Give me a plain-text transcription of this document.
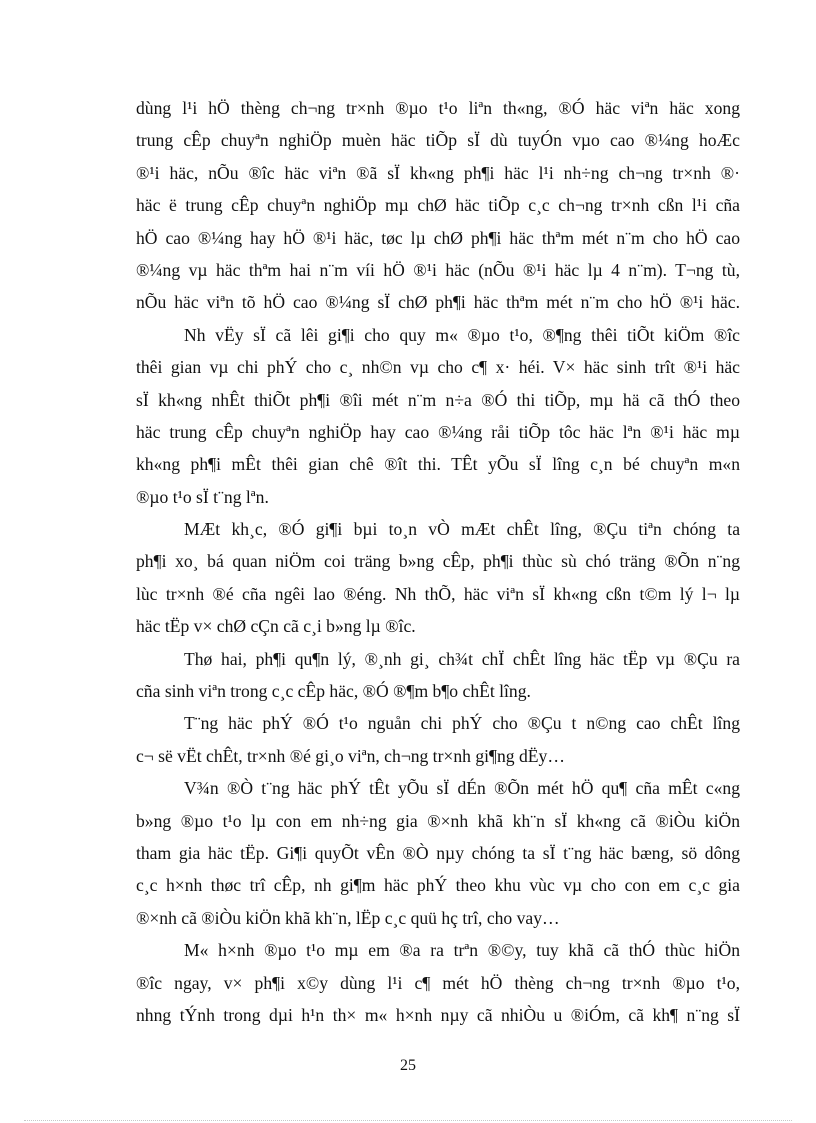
dùng l¹i hÖ thèng ch¬ng tr×nh ®µo t¹o liªn th«ng, ®Ó häc viªn häc xong
trung cÊp chuyªn nghiÖp muèn häc tiÕp sÏ dù tuyÓn vµo cao ®¼ng hoÆc
®¹i häc, nÕu ®îc häc viªn ®ã sÏ kh«ng ph¶i häc l¹i nh÷ng ch¬ng tr×nh ®·
häc ë trung cÊp chuyªn nghiÖp mµ chØ häc tiÕp c¸c ch¬ng tr×nh cßn l¹i cña
hÖ cao ®¼ng hay hÖ ®¹i häc, tøc lµ chØ ph¶i häc thªm mét n¨m cho hÖ cao
®¼ng vµ häc thªm hai n¨m víi hÖ ®¹i häc (nÕu ®¹i häc lµ 4 n¨m). T¬ng tù,
nÕu häc viªn tõ hÖ cao ®¼ng sÏ chØ ph¶i häc thªm mét n¨m cho hÖ ®¹i häc.
Nh vËy sÏ cã lêi gi¶i cho quy m« ®µo t¹o, ®¶ng thêi tiÕt kiÖm ®îc
thêi gian vµ chi phÝ cho c¸ nh©n vµ cho c¶ x· héi. V× häc sinh trît ®¹i häc
sÏ kh«ng nhÊt thiÕt ph¶i ®îi mét n¨m n÷a ®Ó thi tiÕp, mµ hä cã thÓ theo
häc trung cÊp chuyªn nghiÖp hay cao ®¼ng råi tiÕp tôc häc lªn ®¹i häc mµ
kh«ng ph¶i mÊt thêi gian chê ®ît thi. TÊt yÕu sÏ lîng c¸n bé chuyªn m«n
®µo t¹o sÏ t¨ng lªn.
MÆt kh¸c, ®Ó gi¶i bµi to¸n vÒ mÆt chÊt lîng, ®Çu tiªn chóng ta
ph¶i xo¸ bá quan niÖm coi träng b»ng cÊp, ph¶i thùc sù chó träng ®Õn n¨ng
lùc tr×nh ®é cña ngêi lao ®éng. Nh thÕ, häc viªn sÏ kh«ng cßn t©m lý l¬ lµ
häc tËp v× chØ cÇn cã c¸i b»ng lµ ®îc.
Thø hai, ph¶i qu¶n lý, ®¸nh gi¸ ch¾t chÏ chÊt lîng häc tËp vµ ®Çu ra
cña sinh viªn trong c¸c cÊp häc, ®Ó ®¶m b¶o chÊt lîng.
T¨ng häc phÝ ®Ó t¹o nguån chi phÝ cho ®Çu t n©ng cao chÊt lîng
c¬ së vËt chÊt, tr×nh ®é gi¸o viªn, ch¬ng tr×nh gi¶ng dËy…
V¾n ®Ò t¨ng häc phÝ tÊt yÕu sÏ dÉn ®Õn mét hÖ qu¶ cña mÊt c«ng
b»ng ®µo t¹o lµ con em nh÷ng gia ®×nh khã kh¨n sÏ kh«ng cã ®iÒu kiÖn
tham gia häc tËp. Gi¶i quyÕt vÊn ®Ò nµy chóng ta sÏ t¨ng häc bæng, sö dông
c¸c h×nh thøc trî cÊp, nh gi¶m häc phÝ theo khu vùc vµ cho con em c¸c gia
®×nh cã ®iÒu kiÖn khã kh¨n, lËp c¸c quü hç trî, cho vay…
M« h×nh ®µo t¹o mµ em ®a ra trªn ®©y, tuy khã cã thÓ thùc hiÖn
®îc ngay, v× ph¶i x©y dùng l¹i c¶ mét hÖ thèng ch¬ng tr×nh ®µo t¹o,
nhng tÝnh trong dµi h¹n th× m« h×nh nµy cã nhiÒu u ®iÓm, cã kh¶ n¨ng sÏ
25
